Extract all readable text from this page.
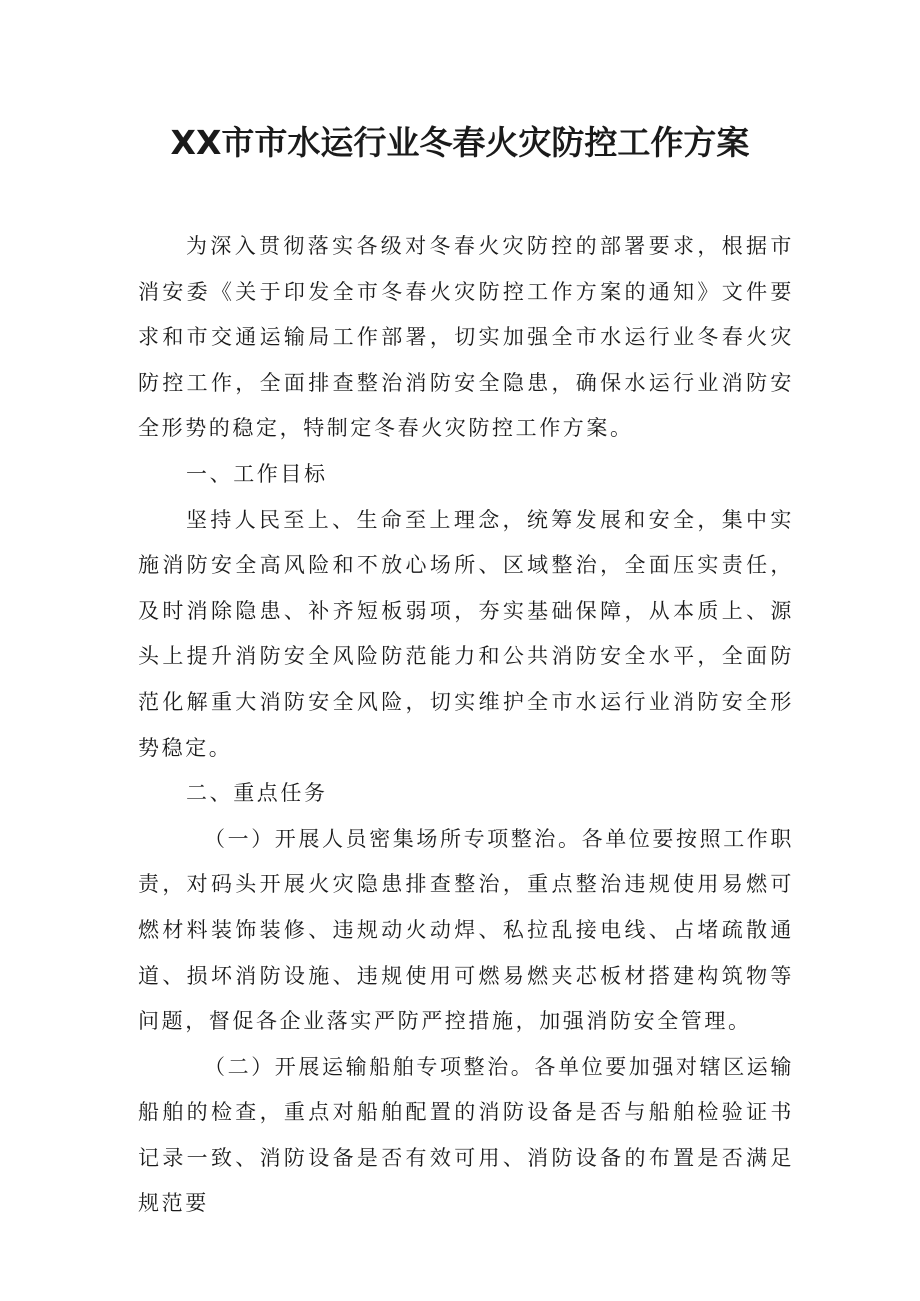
XX市市水运行业冬春火灾防控工作方案

为深入贯彻落实各级对冬春火灾防控的部署要求，根据市消安委《关于印发全市冬春火灾防控工作方案的通知》文件要求和市交通运输局工作部署，切实加强全市水运行业冬春火灾防控工作，全面排查整治消防安全隐患，确保水运行业消防安全形势的稳定，特制定冬春火灾防控工作方案。

一、工作目标

坚持人民至上、生命至上理念，统筹发展和安全，集中实施消防安全高风险和不放心场所、区域整治，全面压实责任，及时消除隐患、补齐短板弱项，夯实基础保障，从本质上、源头上提升消防安全风险防范能力和公共消防安全水平，全面防范化解重大消防安全风险，切实维护全市水运行业消防安全形势稳定。

二、重点任务

（一）开展人员密集场所专项整治。各单位要按照工作职责，对码头开展火灾隐患排查整治，重点整治违规使用易燃可燃材料装饰装修、违规动火动焊、私拉乱接电线、占堵疏散通道、损坏消防设施、违规使用可燃易燃夹芯板材搭建构筑物等问题，督促各企业落实严防严控措施，加强消防安全管理。

（二）开展运输船舶专项整治。各单位要加强对辖区运输船舶的检查，重点对船舶配置的消防设备是否与船舶检验证书记录一致、消防设备是否有效可用、消防设备的布置是否满足规范要
